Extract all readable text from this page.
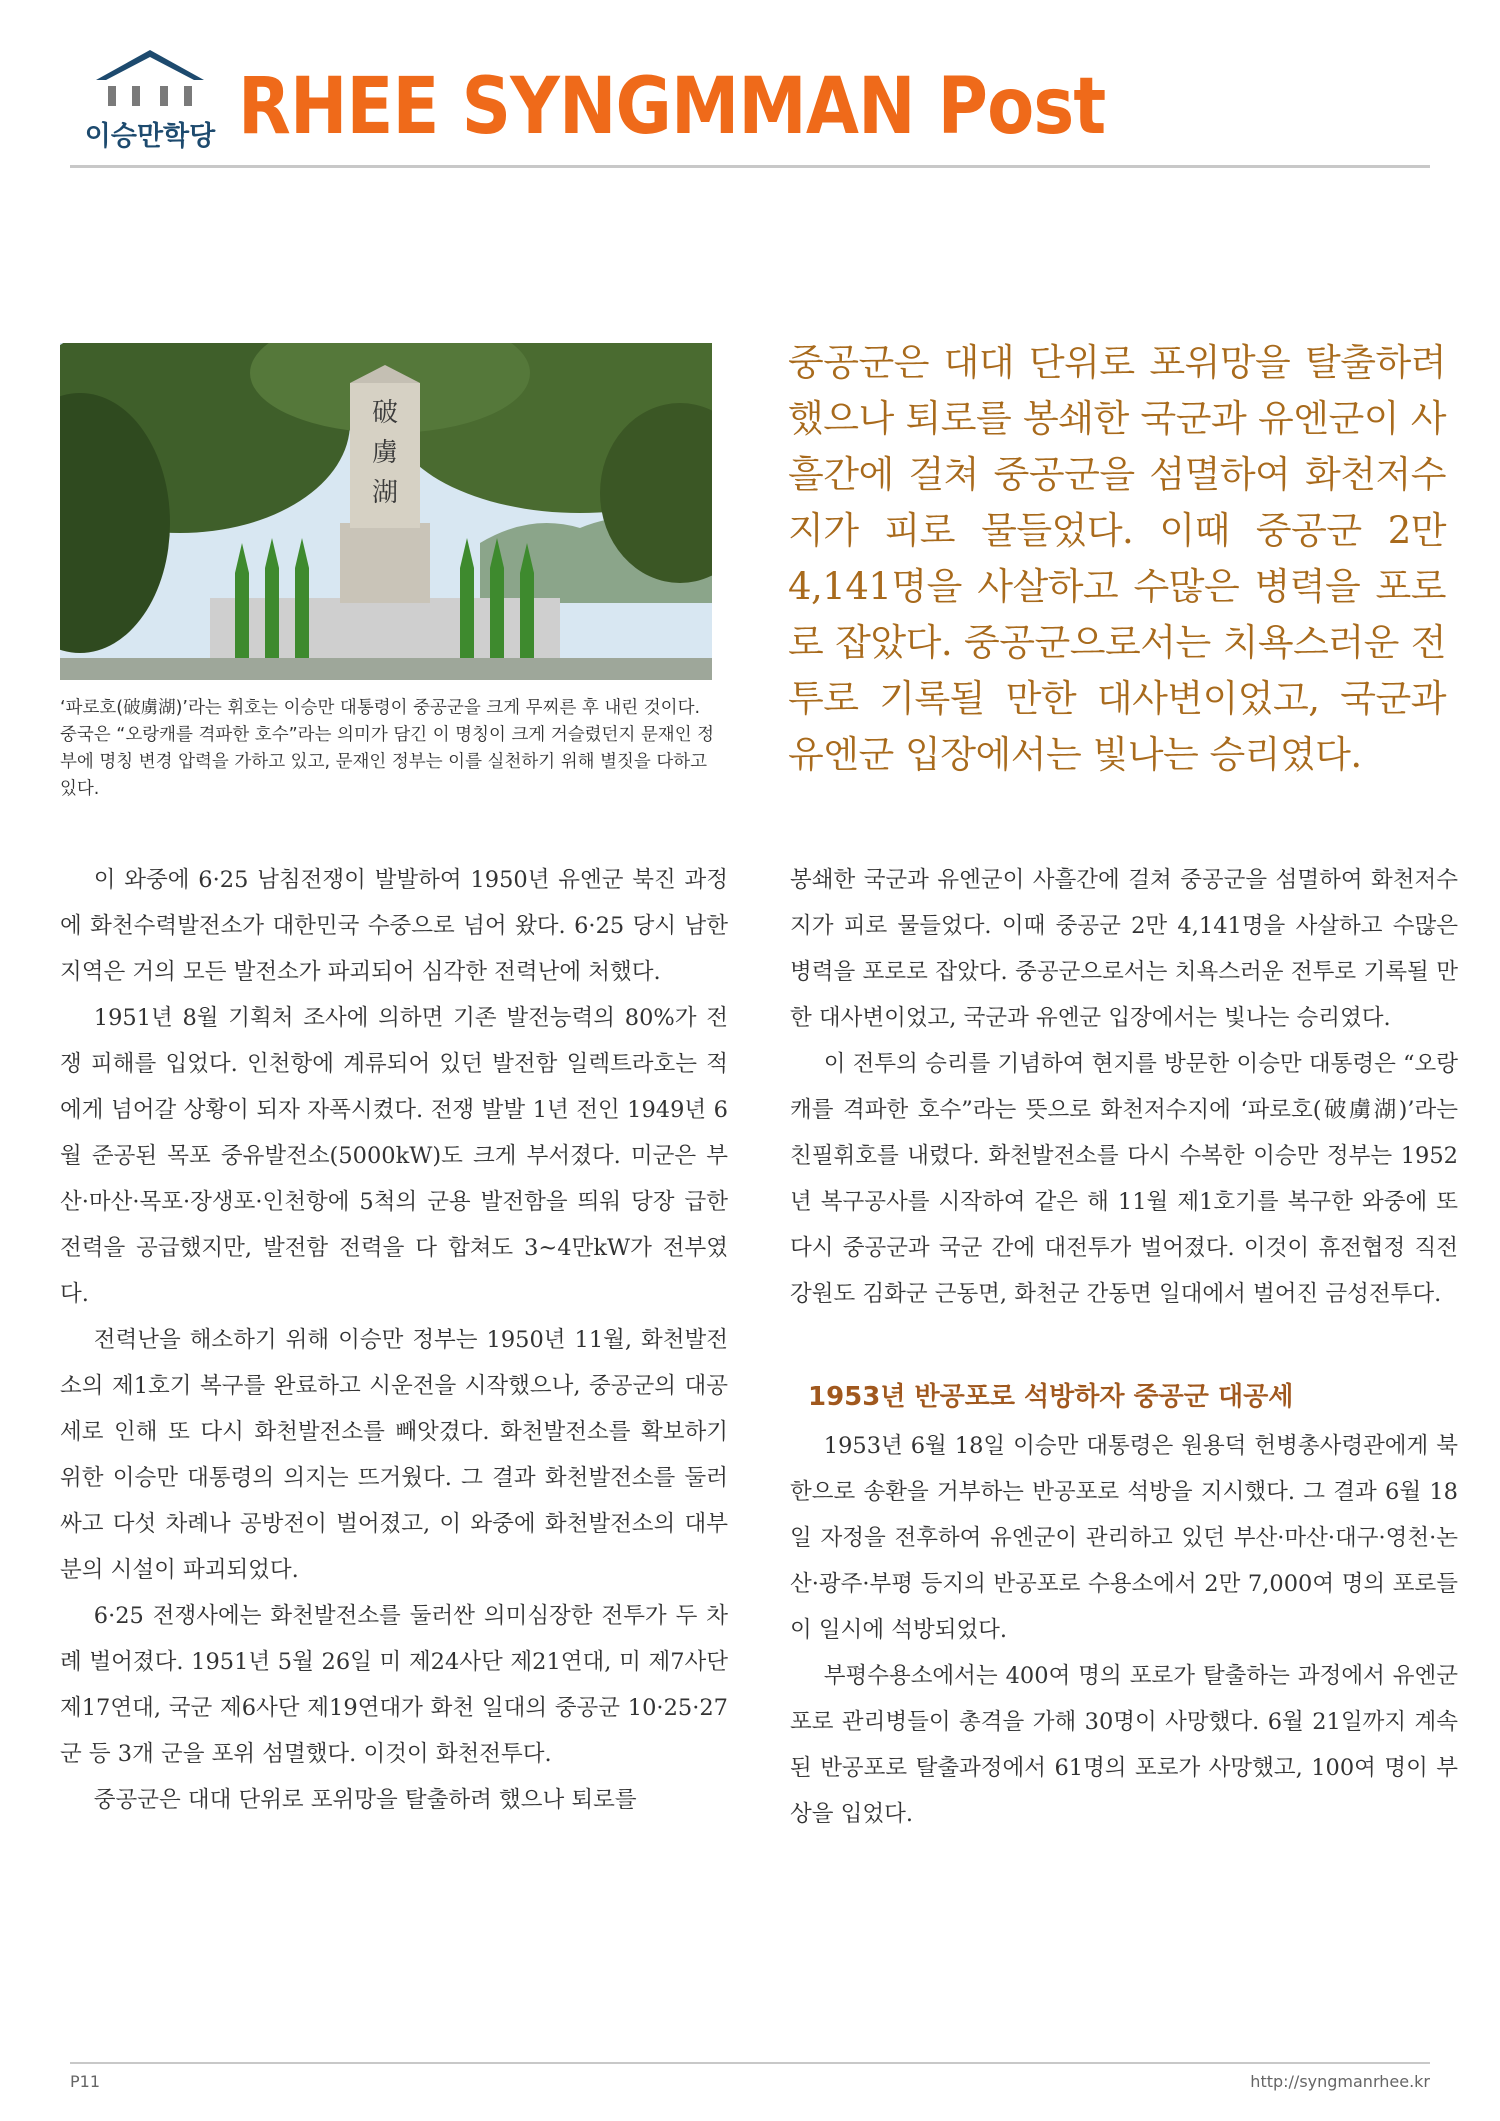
이승만학당 RHEE SYNGMMAN Post
破
虜
湖
‘파로호(破虜湖)’라는 휘호는 이승만 대통령이 중공군을 크게 무찌른 후 내린 것이다. 중국은 “오랑캐를 격파한 호수”라는 의미가 담긴 이 명칭이 크게 거슬렸던지 문재인 정부에 명칭 변경 압력을 가하고 있고, 문재인 정부는 이를 실천하기 위해 별짓을 다하고 있다.
중공군은 대대 단위로 포위망을 탈출하려 했으나 퇴로를 봉쇄한 국군과 유엔군이 사흘간에 걸쳐 중공군을 섬멸하여 화천저수지가 피로 물들었다. 이때 중공군 2만 4,141명을 사살하고 수많은 병력을 포로로 잡았다. 중공군으로서는 치욕스러운 전투로 기록될 만한 대사변이었고, 국군과 유엔군 입장에서는 빛나는 승리였다.

이 와중에 6·25 남침전쟁이 발발하여 1950년 유엔군 북진 과정에 화천수력발전소가 대한민국 수중으로 넘어 왔다. 6·25 당시 남한 지역은 거의 모든 발전소가 파괴되어 심각한 전력난에 처했다.

1951년 8월 기획처 조사에 의하면 기존 발전능력의 80%가 전쟁 피해를 입었다. 인천항에 계류되어 있던 발전함 일렉트라호는 적에게 넘어갈 상황이 되자 자폭시켰다. 전쟁 발발 1년 전인 1949년 6월 준공된 목포 중유발전소(5000kW)도 크게 부서졌다. 미군은 부산·마산·목포·장생포·인천항에 5척의 군용 발전함을 띄워 당장 급한 전력을 공급했지만, 발전함 전력을 다 합쳐도 3~4만kW가 전부였다.

전력난을 해소하기 위해 이승만 정부는 1950년 11월, 화천발전소의 제1호기 복구를 완료하고 시운전을 시작했으나, 중공군의 대공세로 인해 또 다시 화천발전소를 빼앗겼다. 화천발전소를 확보하기 위한 이승만 대통령의 의지는 뜨거웠다. 그 결과 화천발전소를 둘러싸고 다섯 차례나 공방전이 벌어졌고, 이 와중에 화천발전소의 대부분의 시설이 파괴되었다.

6·25 전쟁사에는 화천발전소를 둘러싼 의미심장한 전투가 두 차례 벌어졌다. 1951년 5월 26일 미 제24사단 제21연대, 미 제7사단 제17연대, 국군 제6사단 제19연대가 화천 일대의 중공군 10·25·27군 등 3개 군을 포위 섬멸했다. 이것이 화천전투다.

중공군은 대대 단위로 포위망을 탈출하려 했으나 퇴로를

봉쇄한 국군과 유엔군이 사흘간에 걸쳐 중공군을 섬멸하여 화천저수지가 피로 물들었다. 이때 중공군 2만 4,141명을 사살하고 수많은 병력을 포로로 잡았다. 중공군으로서는 치욕스러운 전투로 기록될 만한 대사변이었고, 국군과 유엔군 입장에서는 빛나는 승리였다.

이 전투의 승리를 기념하여 현지를 방문한 이승만 대통령은 “오랑캐를 격파한 호수”라는 뜻으로 화천저수지에 ‘파로호(破虜湖)’라는 친필휘호를 내렸다. 화천발전소를 다시 수복한 이승만 정부는 1952년 복구공사를 시작하여 같은 해 11월 제1호기를 복구한 와중에 또 다시 중공군과 국군 간에 대전투가 벌어졌다. 이것이 휴전협정 직전 강원도 김화군 근동면, 화천군 간동면 일대에서 벌어진 금성전투다.

1953년 반공포로 석방하자 중공군 대공세

1953년 6월 18일 이승만 대통령은 원용덕 헌병총사령관에게 북한으로 송환을 거부하는 반공포로 석방을 지시했다. 그 결과 6월 18일 자정을 전후하여 유엔군이 관리하고 있던 부산·마산·대구·영천·논산·광주·부평 등지의 반공포로 수용소에서 2만 7,000여 명의 포로들이 일시에 석방되었다.

부평수용소에서는 400여 명의 포로가 탈출하는 과정에서 유엔군 포로 관리병들이 총격을 가해 30명이 사망했다. 6월 21일까지 계속된 반공포로 탈출과정에서 61명의 포로가 사망했고, 100여 명이 부상을 입었다.

P11	http://syngmanrhee.kr
